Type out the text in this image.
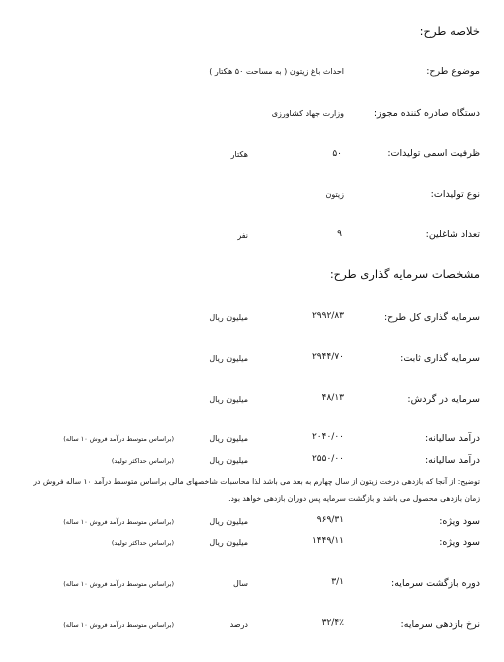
خلاصه طرح:
موضوع طرح:
احداث باغ زیتون ( به مساحت ۵۰ هکتار )
دستگاه صادره کننده مجوز:
وزارت جهاد کشاورزی
ظرفیت اسمی تولیدات:
۵۰
هکتار
نوع تولیدات:
زیتون
تعداد شاغلین:
۹
نفر
مشخصات سرمایه گذاری طرح:
سرمایه گذاری کل طرح:
۲۹۹۲/۸۳
میلیون ریال
سرمایه گذاری ثابت:
۲۹۴۴/۷۰
میلیون ریال
سرمایه در گردش:
۴۸/۱۳
میلیون ریال
درآمد سالیانه:
۲۰۴۰/۰۰
میلیون ریال
(براساس متوسط درآمد فروش ۱۰ ساله)
درآمد سالیانه:
۲۵۵۰/۰۰
میلیون ریال
(براساس حداکثر تولید)
توضیح: از آنجا که بازدهی درخت زیتون از سال چهارم به بعد می باشد لذا محاسبات شاخصهای مالی براساس متوسط درآمد ۱۰ ساله فروش در زمان بازدهی محصول می باشد و بازگشت سرمایه پس دوران بازدهی خواهد بود.
سود ویژه:
۹۶۹/۳۱
میلیون ریال
(براساس متوسط درآمد فروش ۱۰ ساله)
سود ویژه:
۱۴۴۹/۱۱
میلیون ریال
(براساس حداکثر تولید)
دوره بازگشت سرمایه:
۳/۱
سال
(براساس متوسط درآمد فروش ۱۰ ساله)
نرخ بازدهی سرمایه:
۳۲/۴٪
درصد
(براساس متوسط درآمد فروش ۱۰ ساله)
